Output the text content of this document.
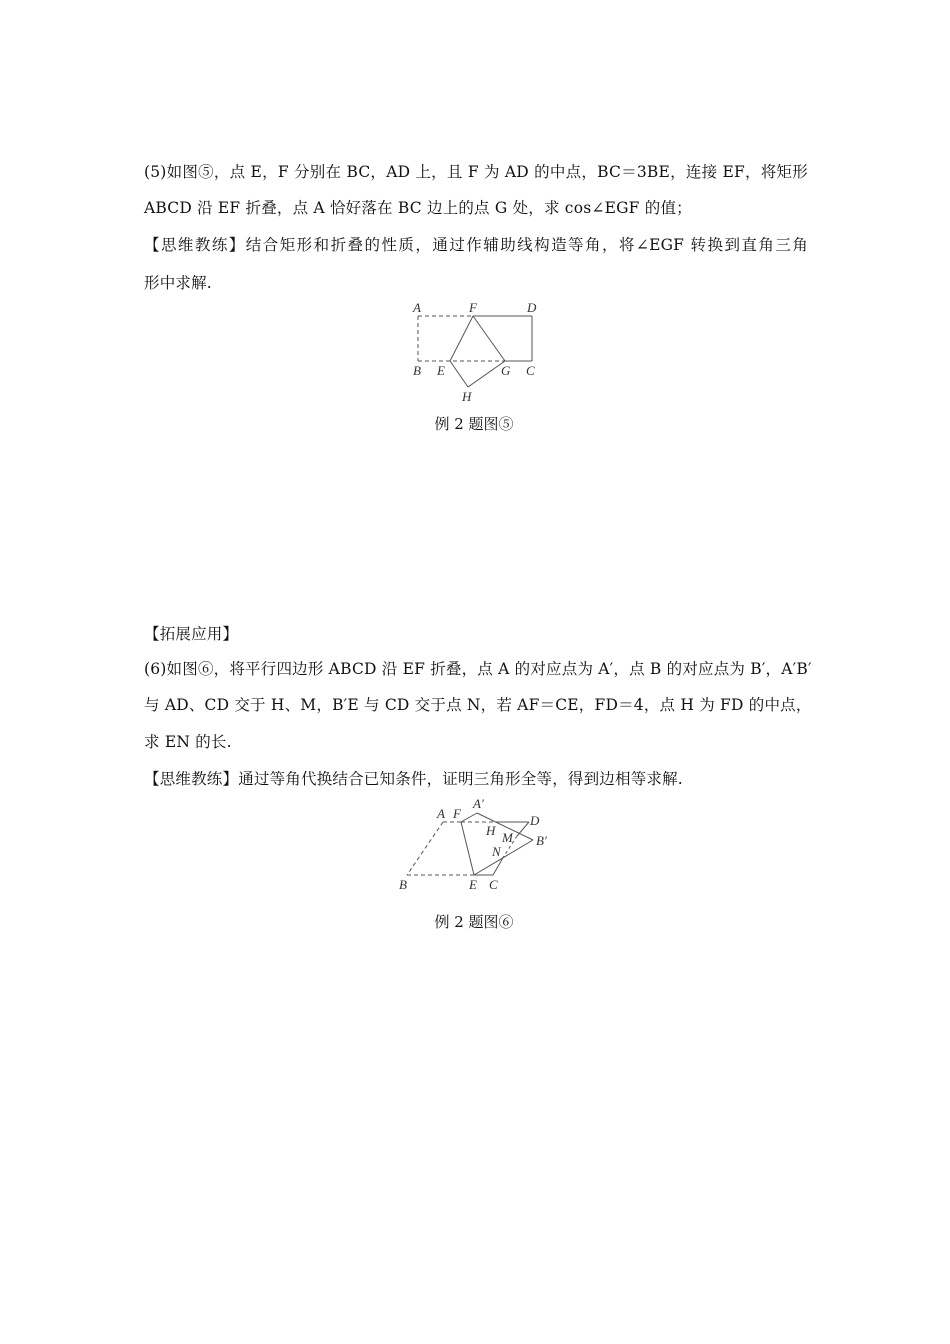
(5)如图⑤，点 E，F 分别在 BC，AD 上，且 F 为 AD 的中点，BC＝3BE，连接 EF，将矩形
ABCD 沿 EF 折叠，点 A 恰好落在 BC 边上的点 G 处，求 cos∠EGF 的值；
【思维教练】结合矩形和折叠的性质，通过作辅助线构造等角，将∠EGF 转换到直角三角
形中求解.
A	F	D
B E	G C
H
A F
A′
D
H M B′
N
B	E C
例 2 题图⑤
【拓展应用】
(6)如图⑥，将平行四边形 ABCD 沿 EF 折叠，点 A 的对应点为 A′，点 B 的对应点为 B′，A′B′
与 AD、CD 交于 H、M，B′E 与 CD 交于点 N，若 AF＝CE，FD＝4，点 H 为 FD 的中点，
求 EN 的长.
【思维教练】通过等角代换结合已知条件，证明三角形全等，得到边相等求解.
例 2 题图⑥
